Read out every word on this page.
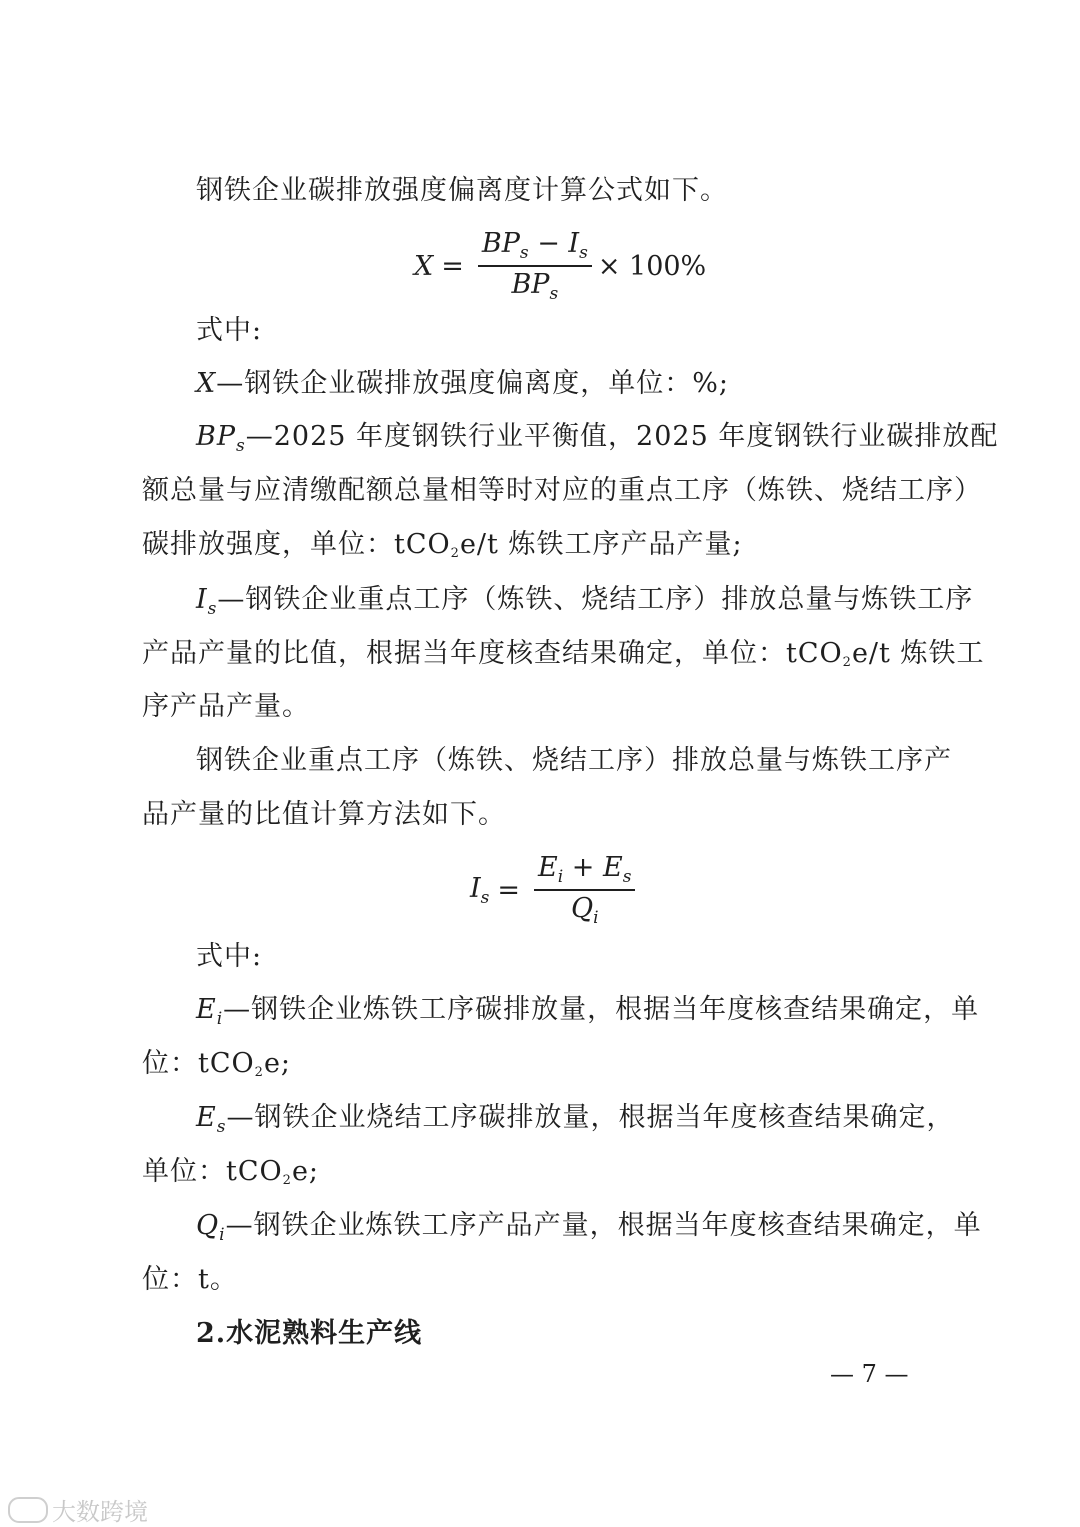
钢铁企业碳排放强度偏离度计算公式如下。
$X = \frac{BP_s - I_s}{BP_s} \times 100\%$
式中:
X—钢铁企业碳排放强度偏离度，单位：%;
$BP_s—2025$ 年度钢铁行业平衡值，2025 年度钢铁行业碳排放配
额总量与应清缴配额总量相等时对应的重点工序（炼铁、烧结工序）
碳排放强度，单位：tCO2e/t 炼铁工序产品产量;
$I_s—$钢铁企业重点工序（炼铁、烧结工序）排放总量与炼铁工序
产品产量的比值，根据当年度核查结果确定，单位：tCO2e/t 炼铁工
序产品产量。
钢铁企业重点工序（炼铁、烧结工序）排放总量与炼铁工序产
品产量的比值计算方法如下。
$I_s = \frac{E_i + E_s}{Q_i}$
式中:
$E_i—$钢铁企业炼铁工序碳排放量，根据当年度核查结果确定，单
位：tCO2e;
$E_s—$钢铁企业烧结工序碳排放量，根据当年度核查结果确定，
单位：tCO2e;
$Q_i—$钢铁企业炼铁工序产品产量，根据当年度核查结果确定，单
位：t。
2.水泥熟料生产线
— 7 —
大数跨境
